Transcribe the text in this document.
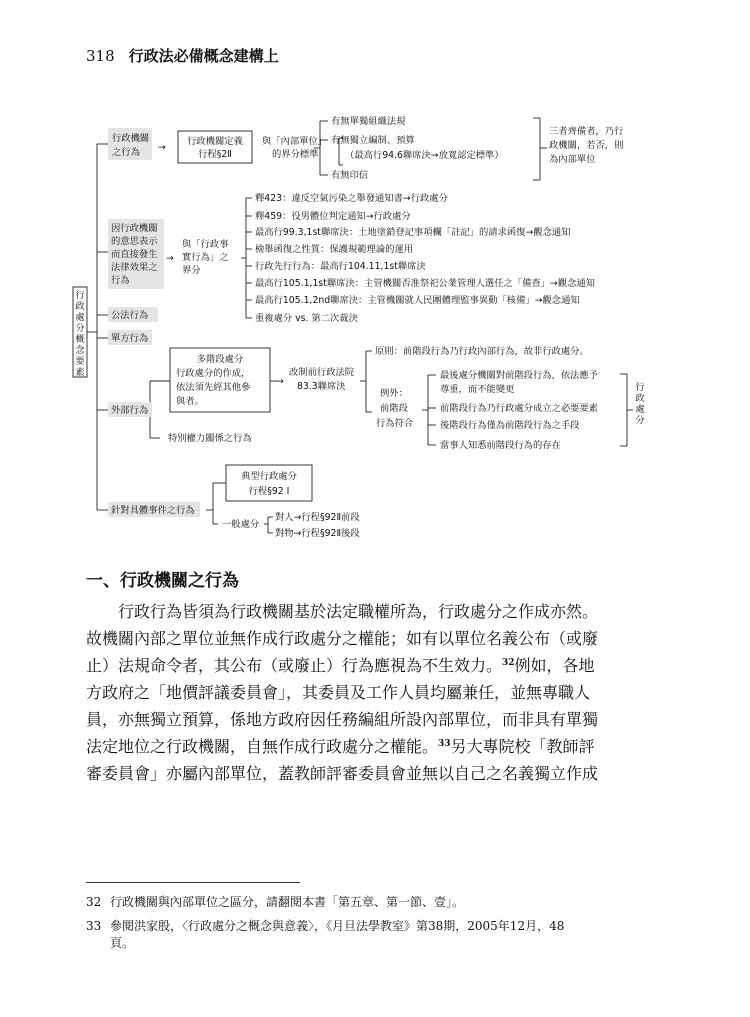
318 行政法必備概念建構上
行
政
處
分
概
念
要
素
行政機關
之行為 →
行政機關定義
行程§2Ⅱ
與「內部單位」
的界分標準
有無單獨組織法規
有無獨立編制、預算
（最高行94.6聯席決→放寬認定標準）
有無印信
三者齊備者，乃行
政機關，若否，則
為內部單位
因行政機關
的意思表示
而直接發生
法律效果之
行為
→
與「行政事
實行為」之
界分
釋423：違反空氣污染之舉發通知書→行政處分
釋459：役男體位判定通知→行政處分
最高行99.3,1st聯席決：土地塗銷登記事項欄「註記」的請求函復→觀念通知
檢舉函復之性質：保護規範理論的運用
行政先行行為：最高行104.11,1st聯席決
最高行105.1,1st聯席決：主管機關否准祭祀公業管理人選任之「備查」→觀念通知
最高行105.1,2nd聯席決：主管機關就人民團體理監事異動「核備」→觀念通知
重複處分 vs. 第二次裁決
公法行為
單方行為
外部行為
多階段處分
行政處分的作成，
依法須先經其他參
與者。
→
改制前行政法院
83.3聯席決
原則：前階段行為乃行政內部行為，故非行政處分。
例外：
前階段
行為符合
最後處分機關對前階段行為，依法應予
尊重，而不能變更
前階段行為乃行政處分成立之必要要素
後階段行為僅為前階段行為之手段
當事人知悉前階段行為的存在
行
政
處
分
特別權力關係之行為
針對具體事件之行為
典型行政處分
行程§92 Ⅰ
一般處分
對人→行程§92Ⅱ前段
對物→行程§92Ⅱ後段
一、行政機關之行為
行政行為皆須為行政機關基於法定職權所為，行政處分之作成亦然。
故機關內部之單位並無作成行政處分之權能；如有以單位名義公布（或廢
止）法規命令者，其公布（或廢止）行為應視為不生效力。$^{32}$例如，各地
方政府之「地價評議委員會」，其委員及工作人員均屬兼任，並無專職人
員，亦無獨立預算，係地方政府因任務編組所設內部單位，而非具有單獨
法定地位之行政機關，自無作成行政處分之權能。$^{33}$另大專院校「教師評
審委員會」亦屬內部單位，蓋教師評審委員會並無以自己之名義獨立作成
32 行政機關與內部單位之區分，請翻閱本書「第五章、第一節、壹」。
33 參閱洪家殷，〈行政處分之概念與意義〉，《月旦法學教室》第38期，2005年12月，48
頁。
